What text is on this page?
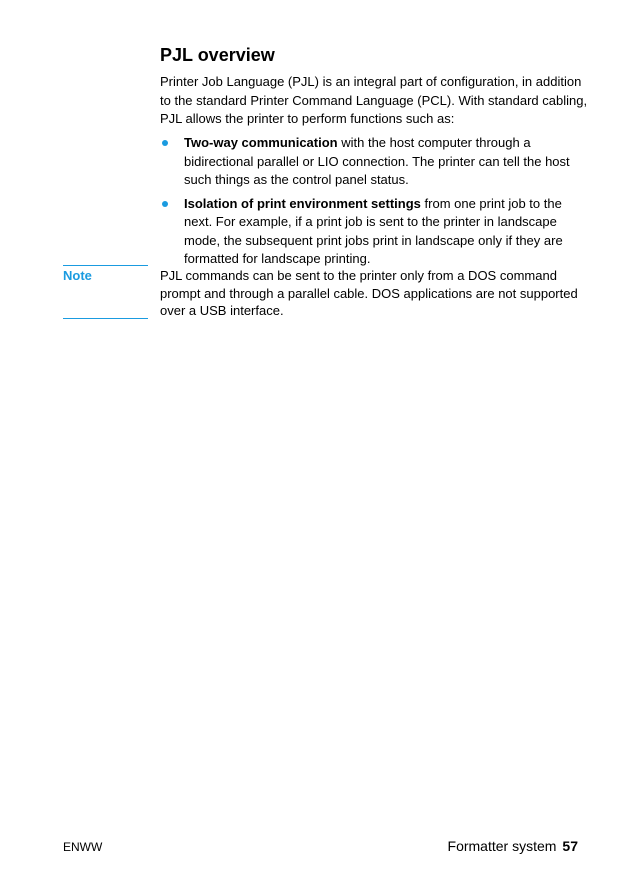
PJL overview

Printer Job Language (PJL) is an integral part of configuration, in addition to the standard Printer Command Language (PCL). With standard cabling, PJL allows the printer to perform functions such as:

Two-way communication with the host computer through a bidirectional parallel or LIO connection. The printer can tell the host such things as the control panel status.
Isolation of print environment settings from one print job to the next. For example, if a print job is sent to the printer in landscape mode, the subsequent print jobs print in landscape only if they are formatted for landscape printing.
Note	PJL commands can be sent to the printer only from a DOS command prompt and through a parallel cable. DOS applications are not supported over a USB interface.

ENWW	Formatter system 57
